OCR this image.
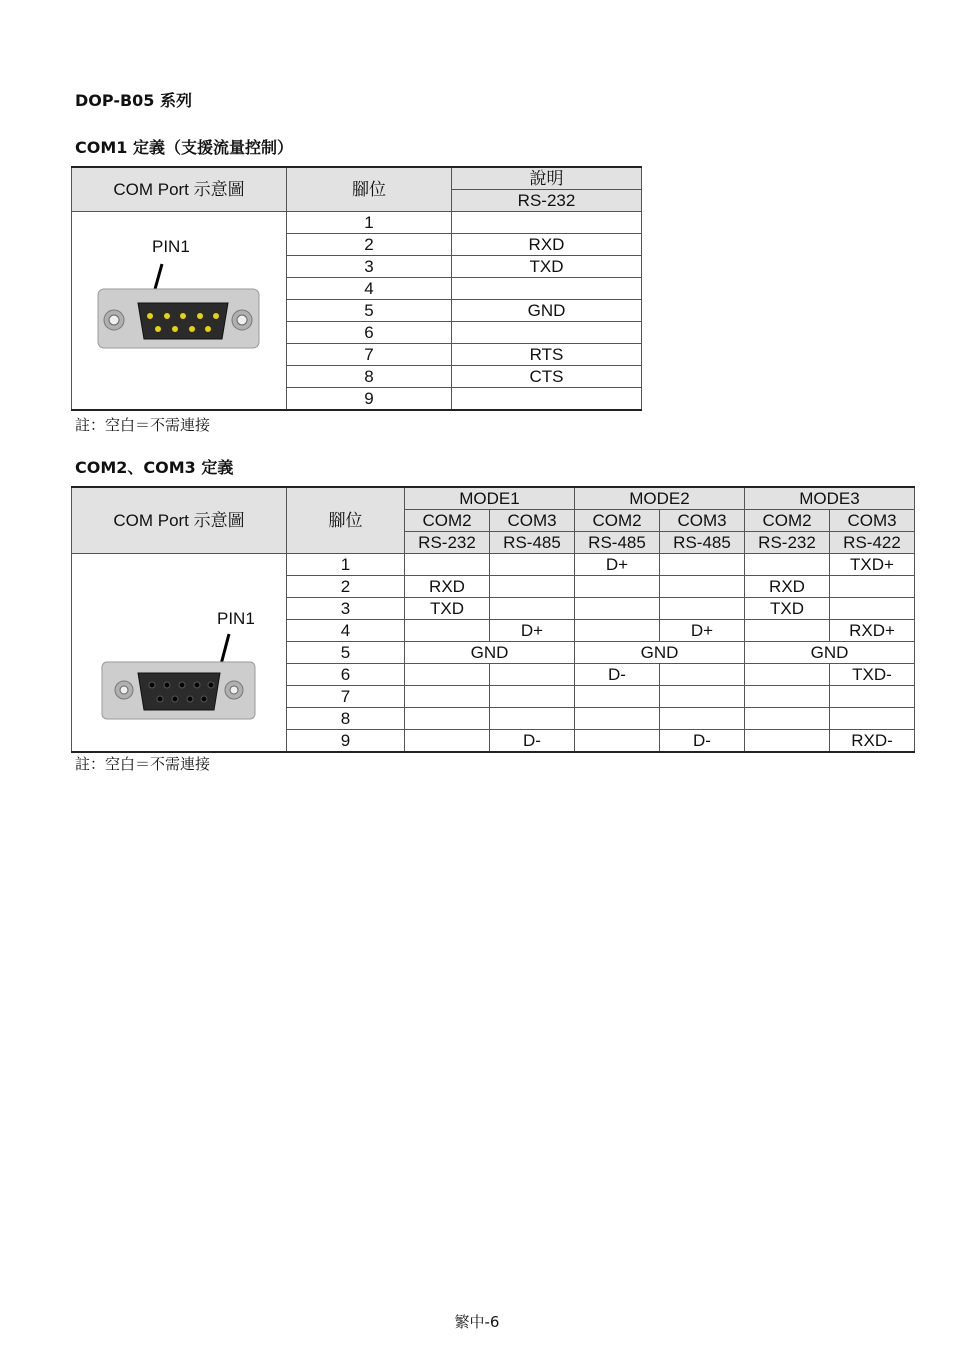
DOP-B05 系列
COM1 定義（支援流量控制）
COM Port 示意圖	腳位	說明
		RS-232

PIN1	1	
	2	RXD
	3	TXD
	4	
	5	GND
	6	
	7	RTS
	8	CTS
	9	
註：空白＝不需連接
COM2、COM3 定義
COM Port 示意圖	腳位	MODE1		MODE2		MODE3	
		COM2	COM3	COM2	COM3	COM2	COM3
		RS-232	RS-485	RS-485	RS-485	RS-232	RS-422

PIN1	1			D+			TXD+
	2	RXD				RXD	
	3	TXD				TXD	
	4		D+		D+		RXD+
	5	GND		GND		GND	
	6			D-			TXD-
	7						
	8						
	9		D-		D-		RXD-
註：空白＝不需連接
繁中-6
